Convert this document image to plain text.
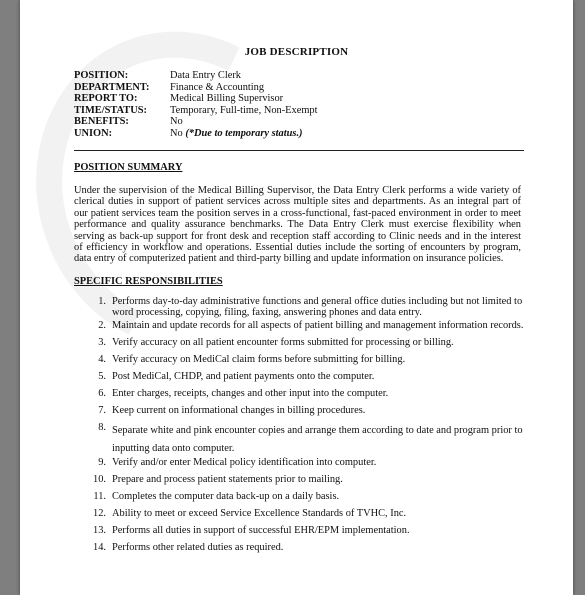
JOB DESCRIPTION
POSITION:	Data Entry Clerk
DEPARTMENT:	Finance & Accounting
REPORT TO:	Medical Billing Supervisor
TIME/STATUS:	Temporary, Full-time, Non-Exempt
BENEFITS:	No
UNION:	No (*Due to temporary status.)
POSITION SUMMARY
Under the supervision of the Medical Billing Supervisor, the Data Entry Clerk performs a wide variety of clerical duties in support of patient services across multiple sites and departments. As an integral part of our patient services team the position serves in a cross-functional, fast-paced environment in order to meet performance and quality assurance benchmarks. The Data Entry Clerk must exercise flexibility when serving as back-up support for front desk and reception staff according to Clinic needs and in the interest of efficiency in workflow and operations. Essential duties include the sorting of encounters by program, data entry of computerized patient and third-party billing and update information on insurance policies.
SPECIFIC RESPONSIBILITIES
1. Performs day-to-day administrative functions and general office duties including but not limited to word processing, copying, filing, faxing, answering phones and data entry.
2. Maintain and update records for all aspects of patient billing and management information records.
3. Verify accuracy on all patient encounter forms submitted for processing or billing.
4. Verify accuracy on MediCal claim forms before submitting for billing.
5. Post MediCal, CHDP, and patient payments onto the computer.
6. Enter charges, receipts, changes and other input into the computer.
7. Keep current on informational changes in billing procedures.
8. Separate white and pink encounter copies and arrange them according to date and program prior to inputting data onto computer.
9. Verify and/or enter Medical policy identification into computer.
10. Prepare and process patient statements prior to mailing.
11. Completes the computer data back-up on a daily basis.
12. Ability to meet or exceed Service Excellence Standards of TVHC, Inc.
13. Performs all duties in support of successful EHR/EPM implementation.
14. Performs other related duties as required.
